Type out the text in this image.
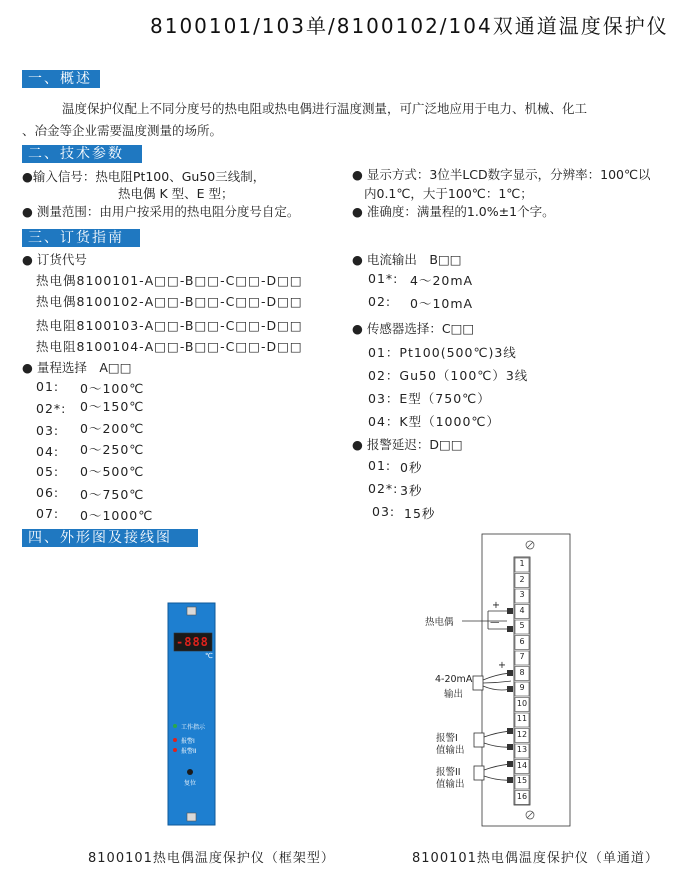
8100101/103单/8100102/104双通道温度保护仪
一、概述
温度保护仪配上不同分度号的热电阻或热电偶进行温度测量，可广泛地应用于电力、机械、化工
、冶金等企业需要温度测量的场所。
二、技术参数
●输入信号：热电阻Pt100、Gu50三线制，
热电偶 K 型、E 型；
● 测量范围：由用户按采用的热电阻分度号自定。
● 显示方式：3位半LCD数字显示，分辨率：100℃以
内0.1℃，大于100℃：1℃；
● 准确度：满量程的1.0%±1个字。
三、订货指南
● 订货代号
热电偶8100101-A□□-B□□-C□□-D□□
热电偶8100102-A□□-B□□-C□□-D□□
热电阻8100103-A□□-B□□-C□□-D□□
热电阻8100104-A□□-B□□-C□□-D□□
● 量程选择　A□□
01: 0～100℃
02*: 0～150℃
03: 0～200℃
04: 0～250℃
05: 0～500℃
06: 0～750℃
07: 0～1000℃
● 电流输出　B□□
01*: 4～20mA
02: 0～10mA
● 传感器选择：C□□
01：Pt100(500℃)3线
02：Gu50（100℃）3线
03：E型（750℃）
04：K型（1000℃）
● 报警延迟：D□□
01: 0秒
02*: 3秒
03: 15秒
四、外形图及接线图
-888
℃
工作指示
报警I
报警II
复位
热电偶
+
—
+
4-20mA
输出
报警I
值输出
报警II
值输出
1
2
3
4
5
6
7
8
9
10
11
12
13
14
15
16
8100101热电偶温度保护仪（框架型）	8100101热电偶温度保护仪（单通道）
